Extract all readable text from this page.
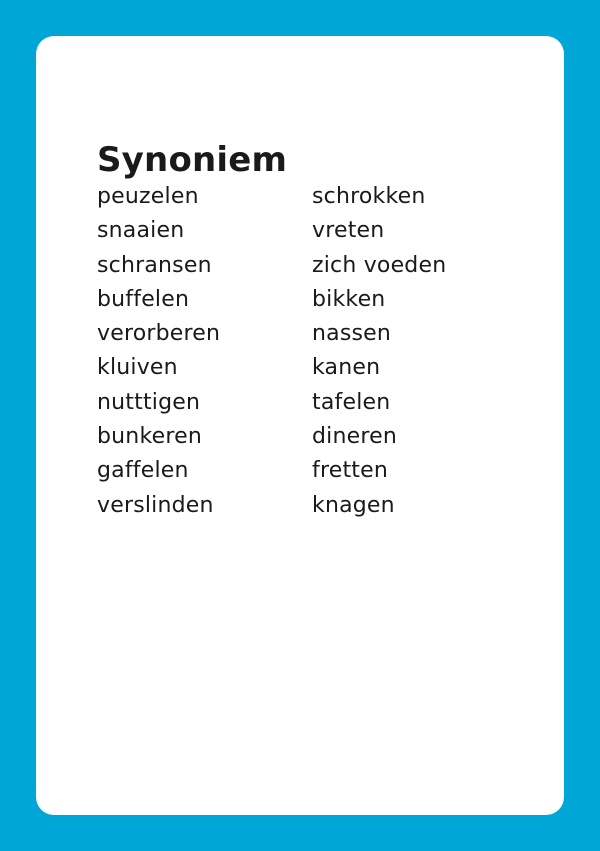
Synoniem
peuzelen
snaaien
schransen
buffelen
verorberen
kluiven
nutttigen
bunkeren
gaffelen
verslinden
schrokken
vreten
zich voeden
bikken
nassen
kanen
tafelen
dineren
fretten
knagen
